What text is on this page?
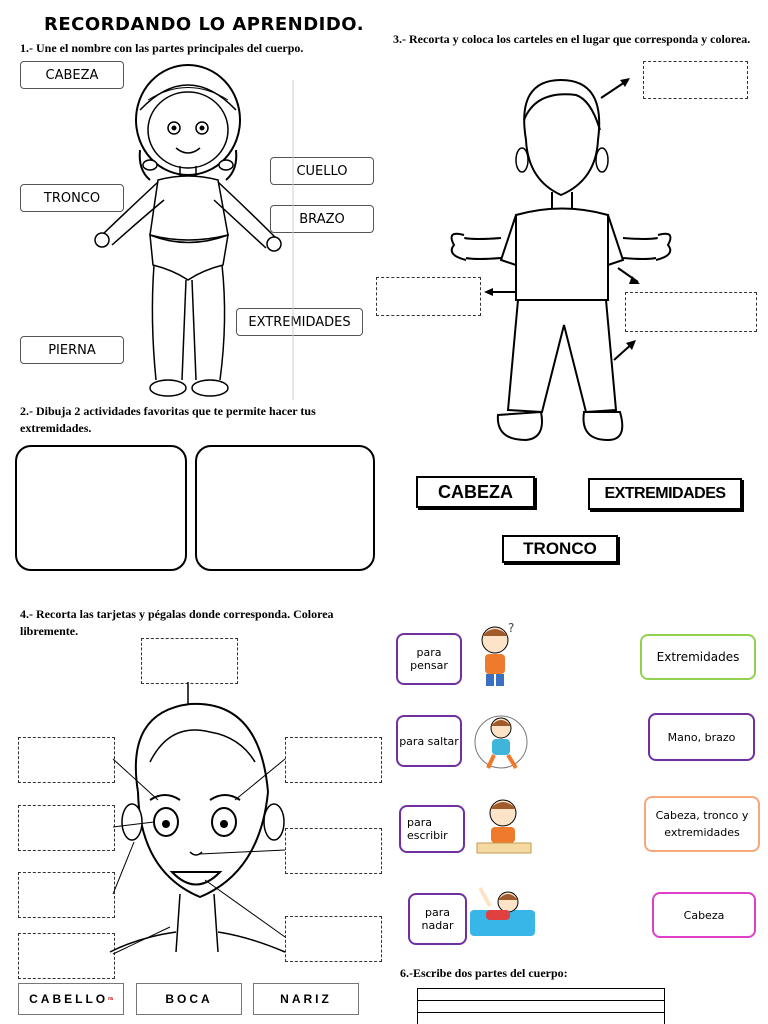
RECORDANDO LO APRENDIDO.
1.- Une el nombre con las partes principales del cuerpo.
CABEZA
TRONCO
PIERNA
CUELLO
BRAZO
EXTREMIDADES
2.- Dibuja 2 actividades favoritas que te permite hacer tus extremidades.
3.- Recorta y coloca los carteles en el lugar que corresponda y colorea.
CABEZA	EXTREMIDADES
TRONCO
4.- Recorta las tarjetas y pégalas donde corresponda. Colorea libremente.
CABELLO ra	BOCA	NARIZ
para pensar
para saltar
para escribir
para nadar
?
Extremidades
Mano, brazo
Cabeza, tronco y extremidades
Cabeza
6.-Escribe dos partes del cuerpo:
